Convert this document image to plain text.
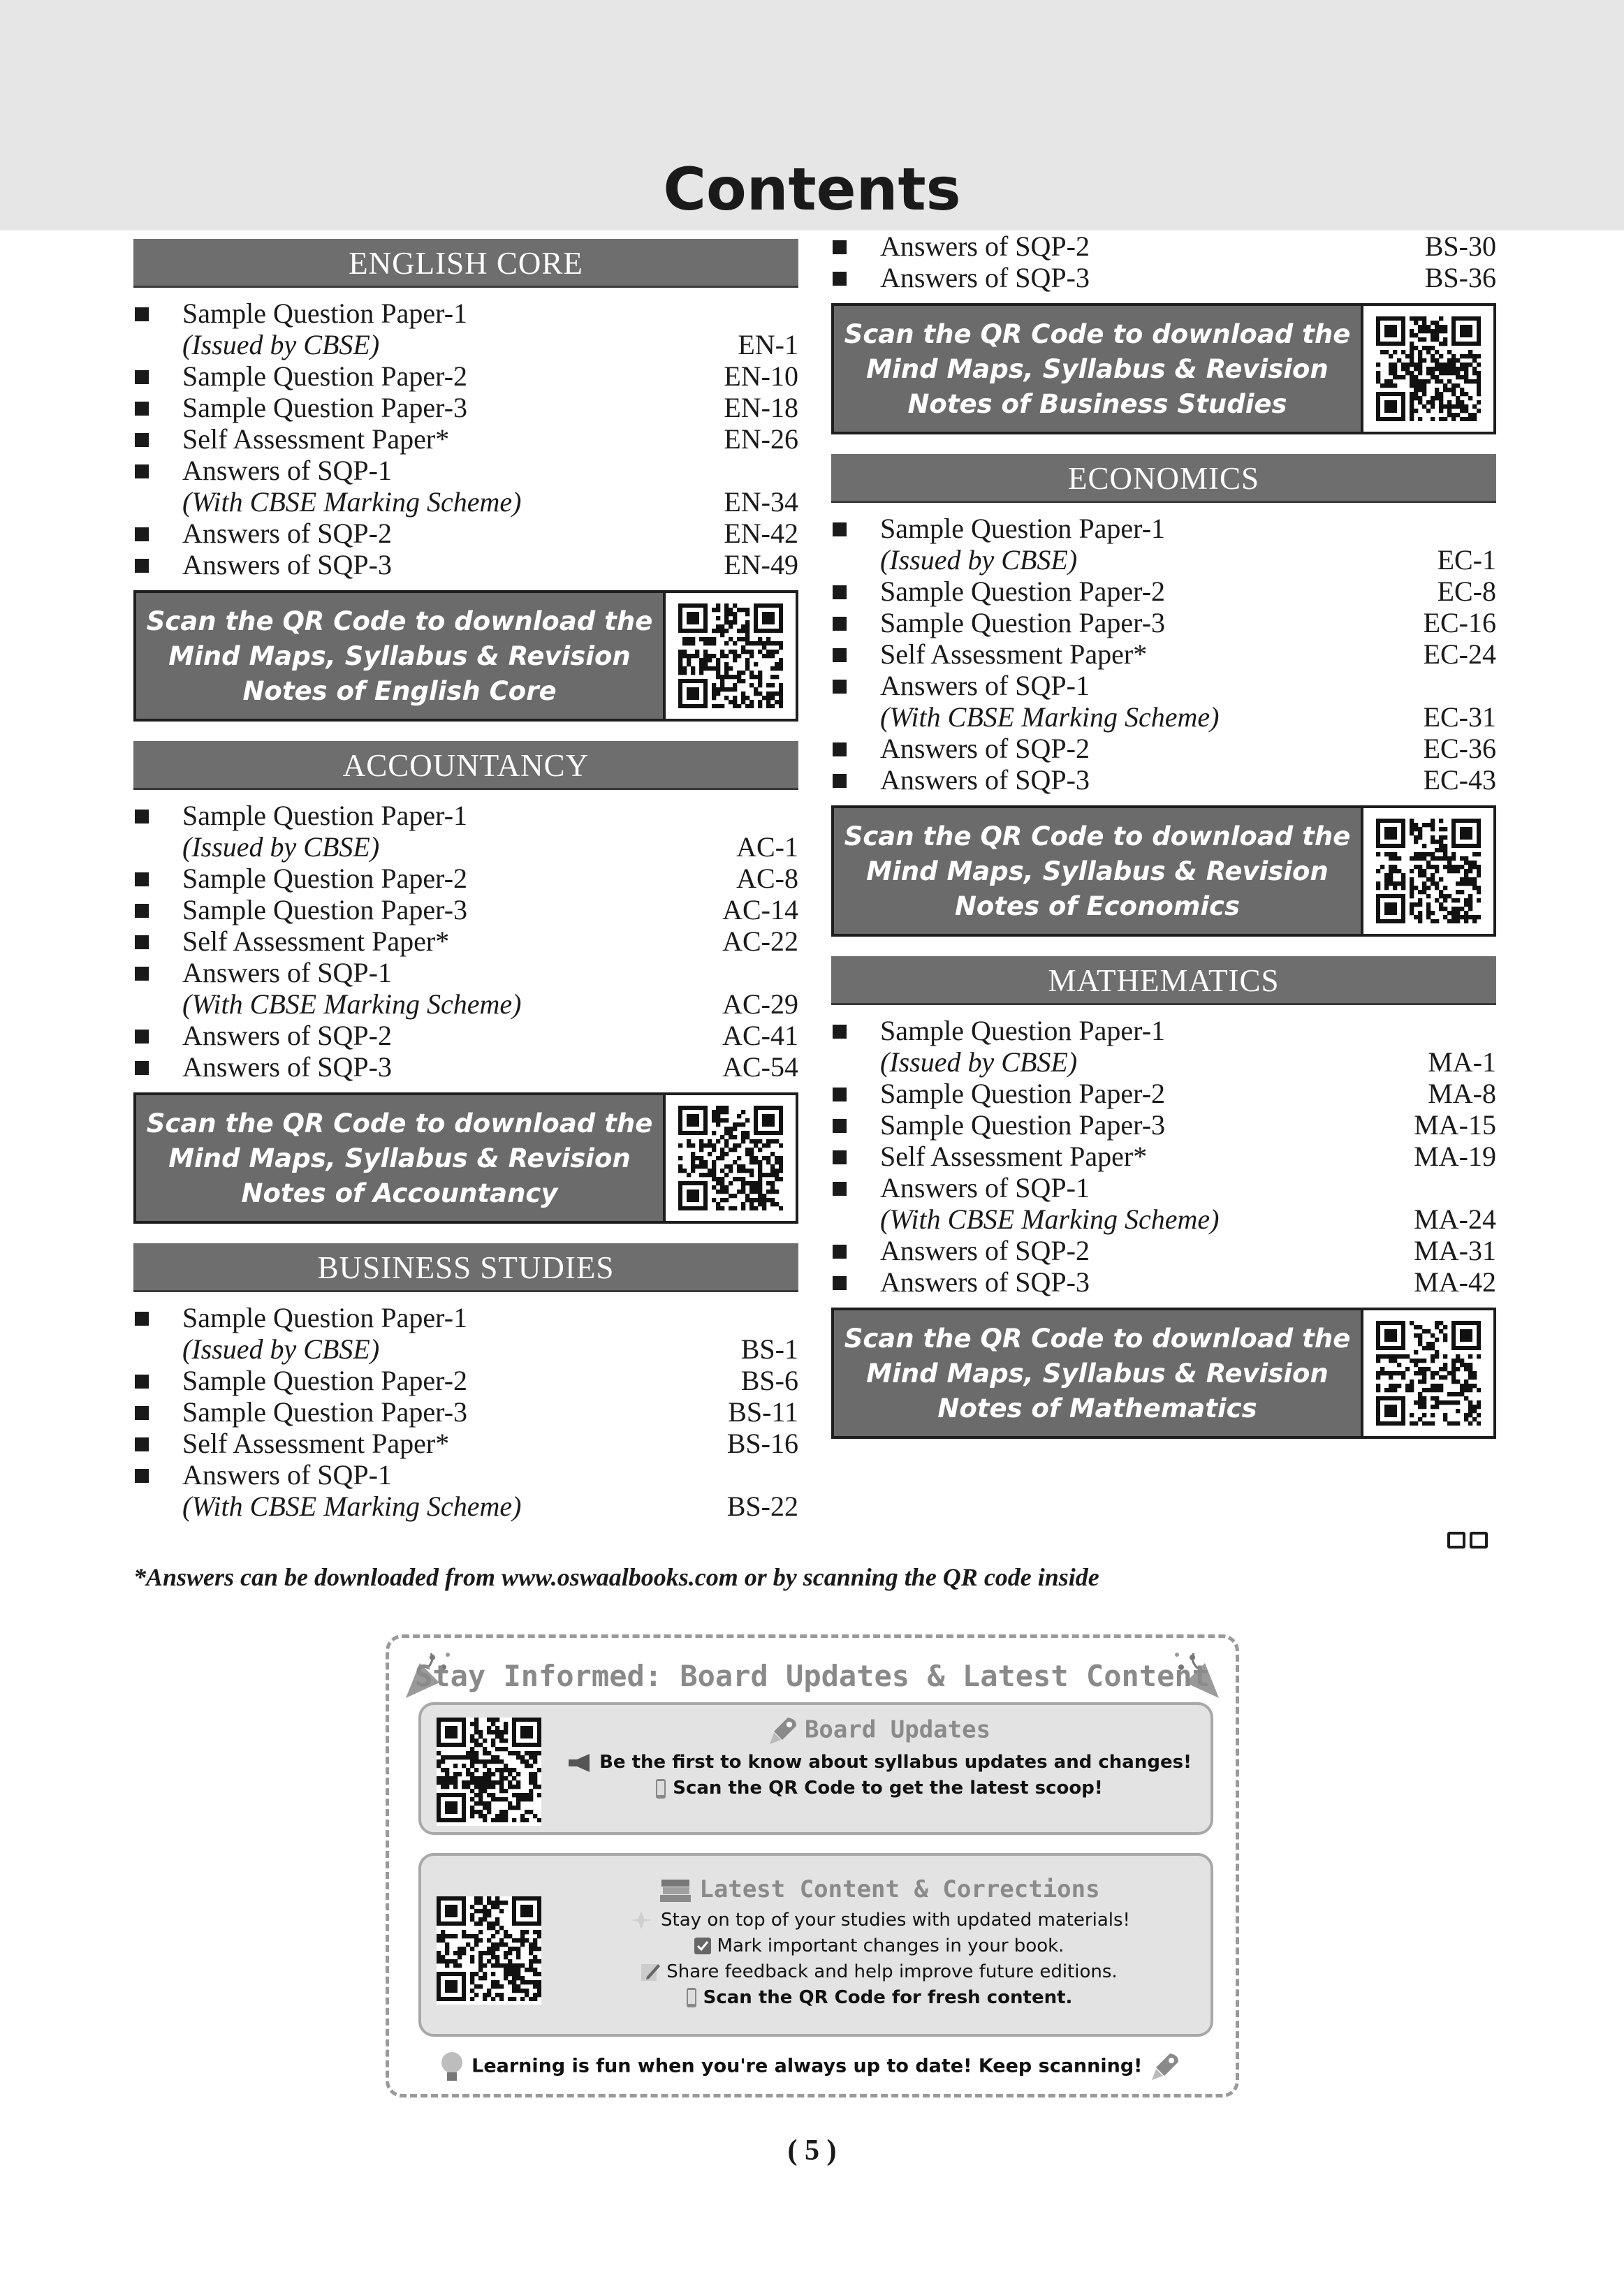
Contents
ENGLISH CORE
Sample Question Paper-1
(Issued by CBSE)	EN-1
Sample Question Paper-2	EN-10
Sample Question Paper-3	EN-18
Self Assessment Paper*	EN-26
Answers of SQP-1
(With CBSE Marking Scheme)	EN-34
Answers of SQP-2	EN-42
Answers of SQP-3	EN-49
Scan the QR Code to download the
Mind Maps, Syllabus & Revision
Notes of English Core
ACCOUNTANCY
Sample Question Paper-1
(Issued by CBSE)	AC-1
Sample Question Paper-2	AC-8
Sample Question Paper-3	AC-14
Self Assessment Paper*	AC-22
Answers of SQP-1
(With CBSE Marking Scheme)	AC-29
Answers of SQP-2	AC-41
Answers of SQP-3	AC-54
Scan the QR Code to download the
Mind Maps, Syllabus & Revision
Notes of Accountancy
BUSINESS STUDIES
Sample Question Paper-1
(Issued by CBSE)	BS-1
Sample Question Paper-2	BS-6
Sample Question Paper-3	BS-11
Self Assessment Paper*	BS-16
Answers of SQP-1
(With CBSE Marking Scheme)	BS-22
Answers of SQP-2	BS-30
Answers of SQP-3	BS-36
Scan the QR Code to download the
Mind Maps, Syllabus & Revision
Notes of Business Studies
ECONOMICS
Sample Question Paper-1
(Issued by CBSE)	EC-1
Sample Question Paper-2	EC-8
Sample Question Paper-3	EC-16
Self Assessment Paper*	EC-24
Answers of SQP-1
(With CBSE Marking Scheme)	EC-31
Answers of SQP-2	EC-36
Answers of SQP-3	EC-43
Scan the QR Code to download the
Mind Maps, Syllabus & Revision
Notes of Economics
MATHEMATICS
Sample Question Paper-1
(Issued by CBSE)	MA-1
Sample Question Paper-2	MA-8
Sample Question Paper-3	MA-15
Self Assessment Paper*	MA-19
Answers of SQP-1
(With CBSE Marking Scheme)	MA-24
Answers of SQP-2	MA-31
Answers of SQP-3	MA-42
Scan the QR Code to download the
Mind Maps, Syllabus & Revision
Notes of Mathematics

*Answers can be downloaded from www.oswaalbooks.com or by scanning the QR code inside

Stay Informed: Board Updates & Latest Content
Board Updates
Be the first to know about syllabus updates and changes!
Scan the QR Code to get the latest scoop!
Latest Content & Corrections
Stay on top of your studies with updated materials!
Mark important changes in your book.
Share feedback and help improve future editions.
Scan the QR Code for fresh content.
Learning is fun when you're always up to date! Keep scanning!
( 5 )
